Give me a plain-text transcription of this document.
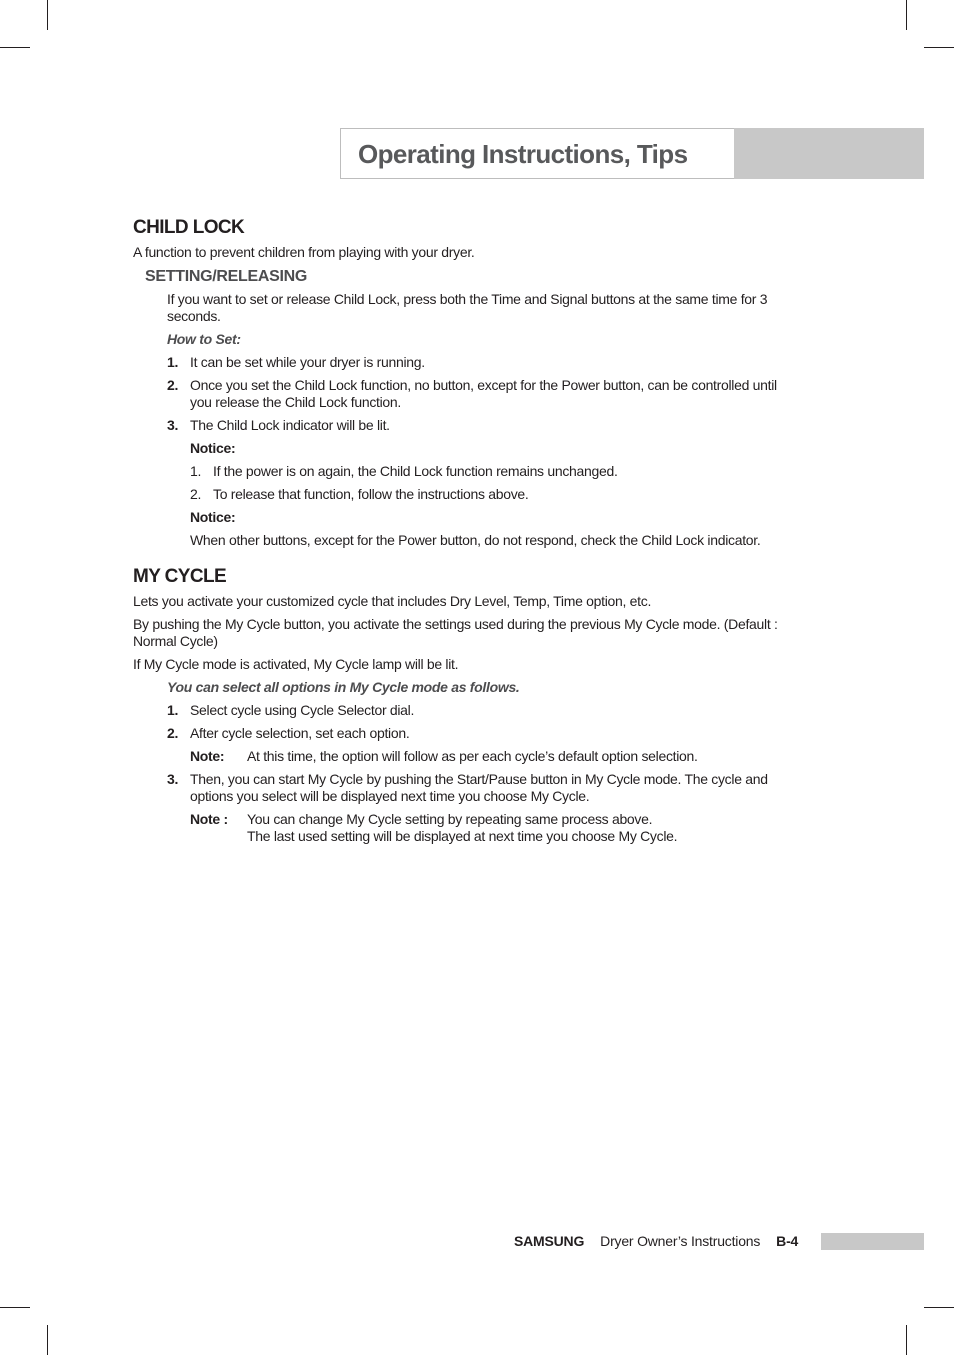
Operating Instructions, Tips
CHILD LOCK
A function to prevent children from playing with your dryer.
SETTING/RELEASING
If you want to set or release Child Lock, press both the Time and Signal buttons at the same time for 3 seconds.
How to Set:
1. It can be set while your dryer is running.
2. Once you set the Child Lock function, no button, except for the Power button, can be controlled until you release the Child Lock function.
3. The Child Lock indicator will be lit.
Notice:
1. If the power is on again, the Child Lock function remains unchanged.
2. To release that function, follow the instructions above.
Notice:
When other buttons, except for the Power button, do not respond, check the Child Lock indicator.
MY CYCLE
Lets you activate your customized cycle that includes Dry Level, Temp, Time option, etc.
By pushing the My Cycle button, you activate the settings used during the previous My Cycle mode. (Default : Normal Cycle)
If My Cycle mode is activated, My Cycle lamp will be lit.
You can select all options in My Cycle mode as follows.
1. Select cycle using Cycle Selector dial.
2. After cycle selection, set each option.
Note:	At this time, the option will follow as per each cycle’s default option selection.
3. Then, you can start My Cycle by pushing the Start/Pause button in My Cycle mode. The cycle and options you select will be displayed next time you choose My Cycle.
Note :	You can change My Cycle setting by repeating same process above.
The last used setting will be displayed at next time you choose My Cycle.
SAMSUNG Dryer Owner’s Instructions B-4
